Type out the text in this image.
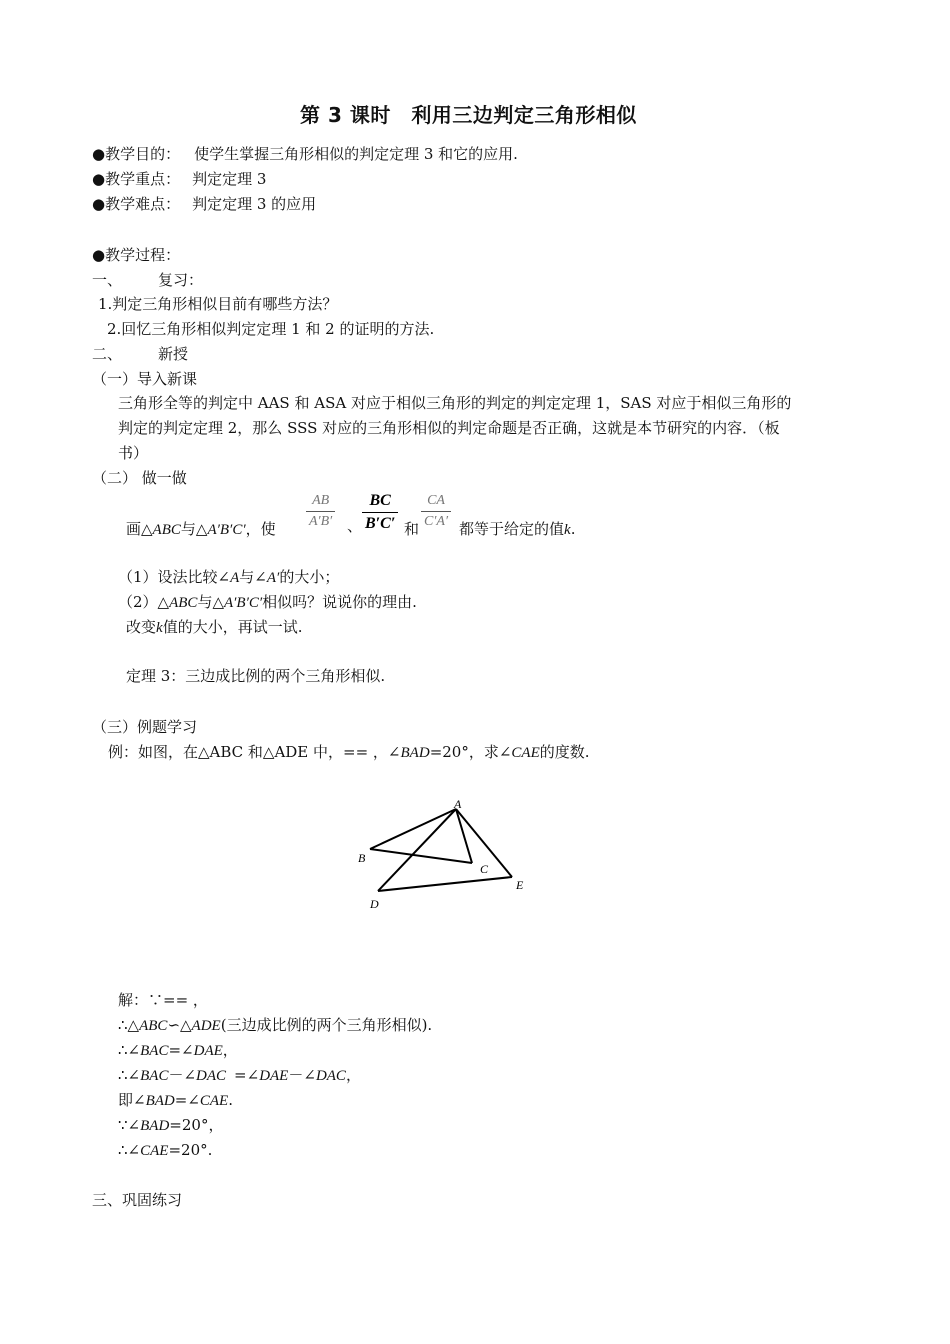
第 3 课时　利用三边判定三角形相似
●教学目的： 使学生掌握三角形相似的判定定理 3 和它的应用.
●教学重点： 判定定理 3
●教学难点： 判定定理 3 的应用
●教学过程：
一、 复习：
1.判定三角形相似目前有哪些方法？
2.回忆三角形相似判定定理 1 和 2 的证明的方法.
二、 新授
（一）导入新课
三角形全等的判定中 AAS 和 ASA 对应于相似三角形的判定的判定定理 1，SAS 对应于相似三角形的
判定的判定定理 2，那么 SSS 对应的三角形相似的判定命题是否正确，这就是本节研究的内容．（板
书）
（二） 做一做
$\frac{AB}{A'B'} \frac{BC}{B'C'} \frac{CA}{C'A'}$
画△ABC与△A′B′C′，使	、	和	都等于给定的值k.
（1）设法比较∠A与∠A′的大小；
（2）△ABC与△A′B′C′相似吗？说说你的理由.
改变k值的大小，再试一试.
定理 3：三边成比例的两个三角形相似.
（三）例题学习
例：如图，在△ABC 和△ADE 中，== ，∠BAD=20°，求∠CAE的度数.
A
B
C
D
E
解：∵== ，
∴△ABC∽△ADE(三边成比例的两个三角形相似).
∴∠BAC=∠DAE，
∴∠BAC－∠DAC =∠DAE－∠DAC，
即∠BAD=∠CAE.
∵∠BAD=20°，
∴∠CAE=20°.
三、巩固练习
